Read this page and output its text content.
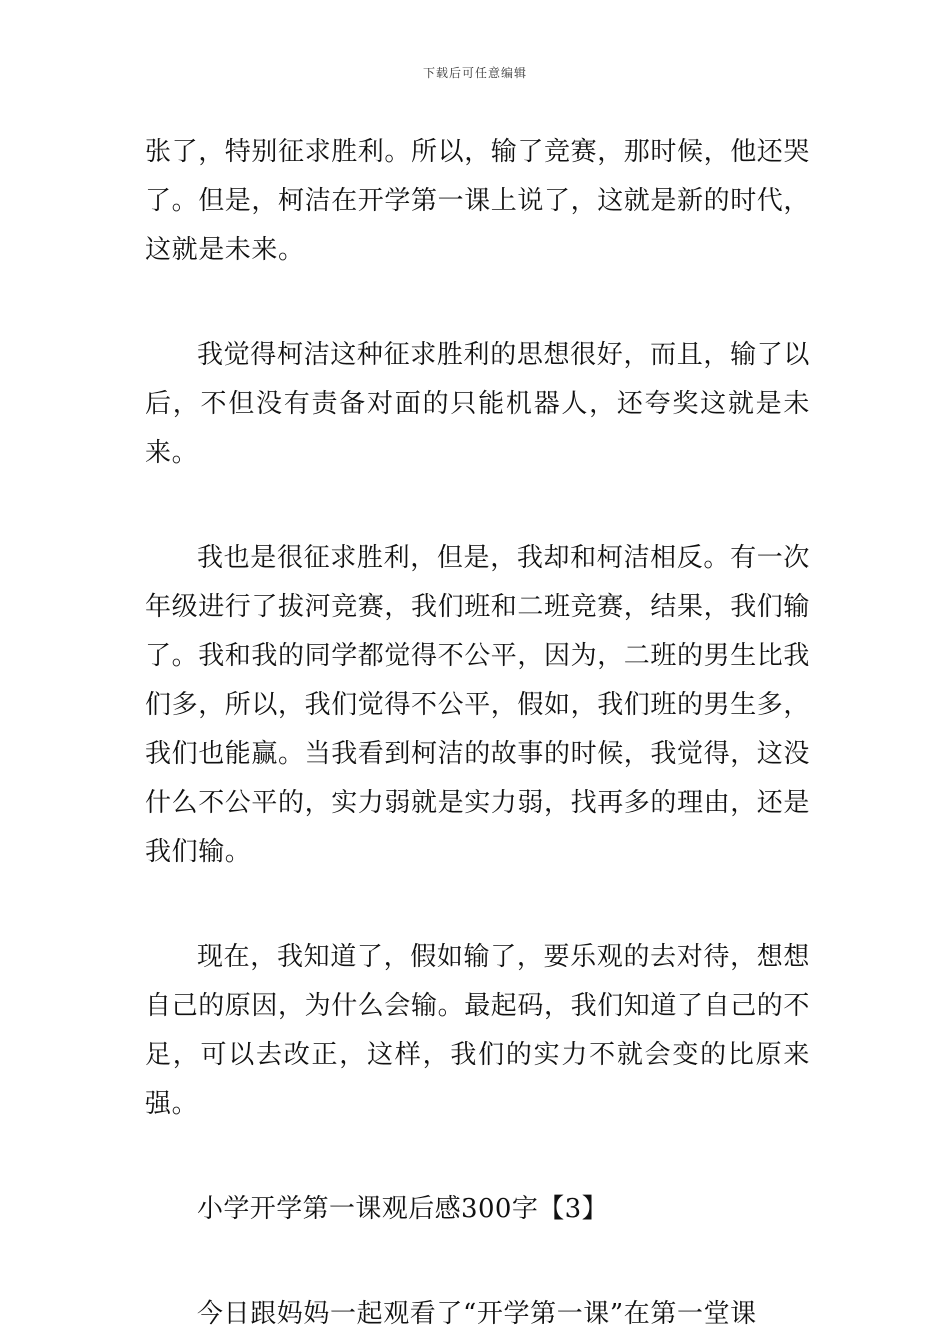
下载后可任意编辑

张了，特别征求胜利。所以，输了竞赛，那时候，他还哭了。但是，柯洁在开学第一课上说了，这就是新的时代，这就是未来。

我觉得柯洁这种征求胜利的思想很好，而且，输了以后，不但没有责备对面的只能机器人，还夸奖这就是未来。

我也是很征求胜利，但是，我却和柯洁相反。有一次年级进行了拔河竞赛，我们班和二班竞赛，结果，我们输了。我和我的同学都觉得不公平，因为，二班的男生比我们多，所以，我们觉得不公平，假如，我们班的男生多，我们也能赢。当我看到柯洁的故事的时候，我觉得，这没什么不公平的，实力弱就是实力弱，找再多的理由，还是我们输。

现在，我知道了，假如输了，要乐观的去对待，想想自己的原因，为什么会输。最起码，我们知道了自己的不足，可以去改正，这样，我们的实力不就会变的比原来强。

小学开学第一课观后感300字【3】

今日跟妈妈一起观看了“开学第一课”在第一堂课
